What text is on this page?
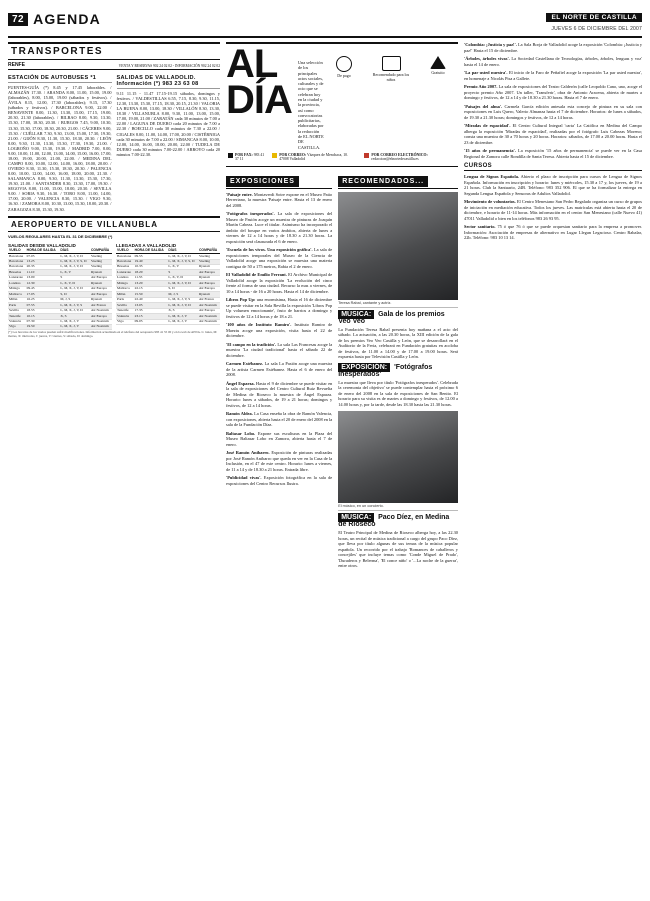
72 AGENDA	EL NORTE DE CASTILLA
JUEVES 6 DE DICIEMBRE DEL 2007
TRANSPORTES
RENFE	VENTA Y RESERVAS 902 24 02 02 - INFORMACIÓN 902 24 02 02
ESTACIÓN DE AUTOBUSES *1
FUENTES-GUÍA (*) 8.45 y 17.45 laborables. / ALMAZÁN 17.30. / ARANDA 8.00, 11.00, 15.00, 19.00 (laborables), 8.00, 15.00, 19.00 (sábados y festivos). / ÁVILA 8.15, 12.00, 17.30 (laborables); 9.15, 17.30 (sábados y festivos). / BARCELONA 9.00, 22.00 / BENAVENTE 8.00, 11.30, 13.30, 15.00, 17.15, 19.00, 20.30, 21.30 (laborables). / BILBAO 8.00, 9.30, 13.30, 15.30, 17.00, 18.30, 20.30. / BURGOS 7.45, 9.00, 10.30, 13.30, 15.30, 17.00, 18.30, 20.30, 21.00. / CÁCERES 9.00, 15.30. / CUÉLLAR 7.30, 9.30, 13.00, 15.00, 17.30, 19.30, 21.00. / GIJÓN 8.30, 11.30, 15.30, 18.30, 20.30. / LEÓN 8.00, 9.30, 11.30, 13.30, 15.30, 17.30, 19.30, 21.00. / LOGROÑO 9.00, 15.30, 19.30. / MADRID 7.00, 8.00, 9.00, 10.00, 11.00, 12.00, 13.00, 14.00, 15.00, 16.00, 17.00, 18.00, 19.00, 20.00, 21.00, 22.00. / MEDINA DEL CAMPO 8.00, 10.00, 12.00, 14.00, 16.00, 18.00, 20.00. / OVIEDO 8.30, 11.30, 15.30, 18.30, 20.30. / PALENCIA 8.00, 10.00, 12.00, 14.00, 16.00, 18.00, 20.00, 21.30. / SALAMANCA 8.00, 9.30, 11.30, 13.30, 15.30, 17.30, 19.30, 21.00. / SANTANDER 8.30, 13.30, 17.00, 19.30. / SEGOVIA 8.00, 11.00, 15.00, 18.00, 20.30. / SEVILLA 9.00. / SORIA 9.30, 16.30. / TORO 8.00, 11.00, 14.00, 17.00, 20.00. / VALENCIA 8.30, 15.30. / VIGO 9.30, 16.30. / ZAMORA 8.00, 10.30, 13.00, 15.30, 18.00, 20.30. / ZARAGOZA 8.30, 15.30, 19.30.
SALIDAS DE VALLADOLID. Información (*) 983 23 63 08
9.11 11.15 - 11.47 17.15-19.15 sábados, domingos y festivos. / VALDESTILLAS 6.55, 7.15, 8.30, 9.30, 11.15, 12.30, 13.30, 15.30, 17.15, 18.30, 20.15, 21.30 / VALORIA LA BUENA 8.00, 13.00, 18.30 / VILLALÓN 8.30, 13.30, 18.30 / VILLANUBLA 8.00, 9.30, 11.00, 13.00, 15.00, 17.00, 19.00, 21.00 / ZARATÁN cada 30 minutos de 7.00 a 22.00 / LAGUNA DE DUERO cada 20 minutos de 7.00 a 22.30 / BOECILLO cada 30 minutos de 7.30 a 22.00 / CIGALES 8.00, 11.00, 14.00, 17.00, 20.00 / CISTÉRNIGA cada 30 minutos de 7.00 a 22.00 / SIMANCAS 8.00, 10.00, 12.00, 14.00, 16.00, 18.00, 20.00, 22.00 / TUDELA DE DUERO cada 30 minutos 7.00-22.00 / ARROYO cada 20 minutos 7.00-22.30.
AEROPUERTO DE VILLANUBLA
VUELOS REGULARES HASTA EL 31 DE DICIEMBRE (*)
SALIDAS DESDE VALLADOLID
VUELO	HORA DE SALIDA	DÍAS	COMPAÑÍA
Barcelona	07.05	L, M, X, J, V, D	Vueling
Barcelona	13.25	L, M, X, J, V, S, D	Vueling
Barcelona	20.35	L, M, X, J, V, D	Vueling
Bruselas	11.10	L, X, V	Ryanair
Lanzarote	13.00	S	Air Europa
Londres	12.30	L, X, V, D	Ryanair
Málaga	09.45	L, M, X, J, V, D	Air Europa
Mallorca	17.05	S, D	Air Europa
Milán	16.25	M, J, S	Ryanair
París	07.55	L, M, X, J, V, S	Air France
Sevilla	18.55	L, M, X, J, V, D	Air Nostrum
Tenerife	10.15	X, S	Air Europa
Valencia	07.30	L, M, X, J, V	Air Nostrum
Vigo	19.50	L, M, X, J, V	Air Nostrum
LLEGADAS A VALLADOLID
VUELO	HORA DE SALIDA	DÍAS	COMPAÑÍA
Barcelona	09.55	L, M, X, J, V, D	Vueling
Barcelona	19.40	L, M, X, J, V, S, D	Vueling
Bruselas	10.35	L, X, V	Ryanair
Lanzarote	18.20	S	Air Europa
Londres	11.55	L, X, V, D	Ryanair
Málaga	13.20	L, M, X, J, V, D	Air Europa
Mallorca	22.15	S, D	Air Europa
Milán	15.50	M, J, S	Ryanair
París	22.40	L, M, X, J, V, S	Air France
Sevilla	13.05	L, M, X, J, V, D	Air Nostrum
Tenerife	17.35	X, S	Air Europa
Valencia	23.15	L, M, X, J, V	Air Nostrum
Vigo	09.05	L, M, X, J, V	Air Nostrum
(*) Los horarios de los vuelos pueden sufrir modificaciones. Información actualizada en el teléfono del aeropuerto 983 41 55 00 y en la web de AENA. L: lunes, M: martes, X: miércoles, J: jueves, V: viernes, S: sábado, D: domingo.
AL DÍA
Una selección de los principales actos sociales, culturales y de ocio que se celebran hoy en la ciudad y la provincia, así como convocatorias publicitarias, elaboradas por la redacción de EL NORTE DE CASTILLA.
De pago	Recomendado para los niños
Gratuito
POR FAX: 983 41 37 11
POR CORREO: Vázquez de Menchaca, 10. 47008 Valladolid
POR CORREO ELECTRÓNICO: redaccion@elnortedecastilla.es
EXPOSICIONES

'Paisaje entre. Montaverdi Sotre expone en el Museo Patio Herreriano, la muestra 'Paisaje entre. Hasta el 13 de enero del 2008.

'Fotógrafos inesperados'. La sala de exposiciones del Museo de Pasión acoge un muestra de pinturas de Joaquín Martín Cabeza. Luce el titular. Asimismo ha incorporado el ámbito del bosque en varios ámbitos, abierta de lunes a viernes de 12 a 14 horas y de 18.30 a 21.30 horas. La exposición será clausurada el 6 de enero.

'Escuela de los vivos. Una exposición gráfica'. La sala de exposiciones temporales del Museo de la Ciencia de Valladolid acoge una exposición se muestra una materia contigua de 50 a 175 metros, Rabia el 2 de enero.

El Valladolid de Emilio Ferrant. El Archivo Municipal de Valladolid acoge la exposición 'La evolución del cinco frente al forma de una ciudad. Recurso la mas a viernes, de 10 a 14 horas - de 16 a 20 horas. Hasta el 14 de diciembre.

Libros Pop Up: una enormísima, Hasta el 16 de diciembre se puede visitar en la Sala Revilla la exposición 'Libros Pop Up volumen emocionante', fruto de barrios a domingo y festivos de 12 a 14 horas y de 18 a 21.

'100 años de Instituto Ramiro'. Instituto Ramiro de Maeztu acoge una exposición, visita hasta el 22 de diciembre.

'El campo en la tradición'. La sala Las Francesas acoge la muestra 'La ciudad tradicional' hasta el sábado 22 de diciembre.

Carmen Estébanez. La sala La Pasión acoge una muestra de la artista Carmen Estébanez. Hasta el 6 de enero del 2008.

Ángel Esparza. Hasta el 9 de diciembre se puede visitar en la sala de exposiciones del Centro Cultural Ruiz Revuelta de Medina de Rioseco la muestra de Ángel Esparza. Horario: lunes a sábados, de 19 a 21 horas; domingos y festivos, de 12 a 14 horas.

Ramón Aldea. La Casa enseña la obra de Ramón Valencia, con exposiciones, abierta hasta el 20 de enero del 2008 en la sala de la Fundación Díaz.

Baltasar Lobo. Expone sus esculturas en la Plaza del Museo Baltasar Lobo en Zamora, abierta hasta el 7 de enero.

José Ramón Anibarro. Exposición de pinturas realizadas por José Ramón Anibarro que queda en ver en la Casa de la Inclusión, en el 47 de este centro. Horario: lunes a viernes, de 11 a 14 y de 18.30 a 21 horas. Entrada libre.

'Publicidad vivas'. Exposición fotográfica en la sala de exposiciones del Centro Recursos Ilustra.

RECOMENDADOS...
Teresa Rabal, cantante y actriz.
MÚSICA: Gala de los premios Veo Veo
La Fundación Teresa Rabal presenta hoy mañana a el acto del sábado. La actuación, a las 20.30 horas, la XIII edición de la gala de los premios Veo Veo Castilla y León, que se desarrollará en el Auditorio de la Feria, celebrará en Fundación gratuitas en acoloba de festivos, de 11.00 a 14.00 y de 17.00 a 19.00 horas. Será expuesta hasta por Televisión Castilla y León.
EXPOSICIÓN: 'Fotógrafos inesperados'
La muestra que lleva por título 'Fotógrafos inesperados'. Celebrada la ceremonia del objetivo' se puede contemplar hasta el próximo 6 de enero del 2008 en la sala de exposiciones de San Benito. El horario para su visita es de martes a domingo y festivos, de 12.00 a 14.00 horas y, por la tarde, desde las 18.30 hasta las 21.30 horas.
El músico, en un concierto.
MÚSICA: Paco Díez, en Medina de Rioseco
El Teatro Principal de Medina de Rioseco alberga hoy, a las 22.30 horas, un recital de música tradicional a cargo del grupo Paco Díez, que lleva por título algunas de sus temas de la música popular española. Un recorrido por el trabajo 'Romances de caballeros y concejiles' que incluye temas como 'Conde Miguel de Prado', 'Duraderos y Belerma', 'El conce niño' o '...La noche de la guerra', entre otros.

'Colombia: ¡Justicia y paz!'. La Sala Borja de Valladolid acoge la exposición 'Colombia: ¡Justicia y paz!' Hasta el 15 de diciembre.

'Árboles, árboles vivas'. La Sociedad Castellana de Tecnologías, árboles, árboles, lenguas y voz' hasta el 14 de enero.

'La par usted nuestra'. El inicio de la Faro de Peñafiel acoge la exposición 'La par usted nuestra', en homenaje a Nicolás Pisa a Gallete.

Premio Año 2007. La sala de exposiciones del Teatro Calderón (calle Leopoldo Cano, uno, acoge el proyecto premio Año 2007. Un taller, 'Transferir', obra de Antonio Aracena, abierta de martes a domingo y festivos, de 12 a 14 y de 18.30 a 21.30 horas. Hasta el 7 de enero.

'Paisajes del alma'. Carmela García edición antesala esta concejo de pintura en su sala con exposiciones en Luis Quero, Valerio Almanza hasta el 7 de diciembre. Horarios: de lunes a sábados, de 19.30 a 21.30 horas; domingos y festivos, de 12 a 14 horas.

'Miradas de espacidad'. El Centro Cultural Integral 'carta' La Católica en Medina del Campo alberga la exposición 'Miradas de espacidad', realizadas por el fotógrafo Luis Cabezas Moreno; consta una muestra de 30 a 70 horas y 20 horas. Horarios: sábados, de 17.00 a 20.00 horas. Hasta el 23 de diciembre.

'15 años de permanencia'. La exposición '15 años de permanencia' se puede ver en la Casa Regional de Zamora calle Rondilla de Santa Teresa. Abierta hasta el 15 de diciembre.

CURSOS

Lengua de Signos Española. Abierto el plazo de inscripción para cursos de Lengua de Signos Española. Información en inscripción y horario: lunes y miércoles, 15.30 a 17 y, los jueves, de 19 a 21 horas. Club la Santuario, 24B. Teléfono: 983 352 906. El que se ha formalizar la entrega en Segunda Lengua Española y Sensoras de Adultos Valladolid.

Movimiento de voluntarios. El Centro Menesiano San Pedro Regalado organiza un curso de grupos de iniciación en mediación educativa. Todos los jueves. Las matrículas está abierta hasta el 20 de diciembre, e horario de 11-14 horas. Más información en el centro San Menesiano (calle Nuevo 41) 47011 Valladolid o bien en los teléfonos 983 26 93 95.

Sector sanitario. 75 ó que 76 ó que se puede orquestan sanitario para la empresa a promover. Información: Asociación de empresas de alternativo en Lugar Llegan Legacioso. Centro Rabalar, 22b. Teléfono: 983 10 13 14.
